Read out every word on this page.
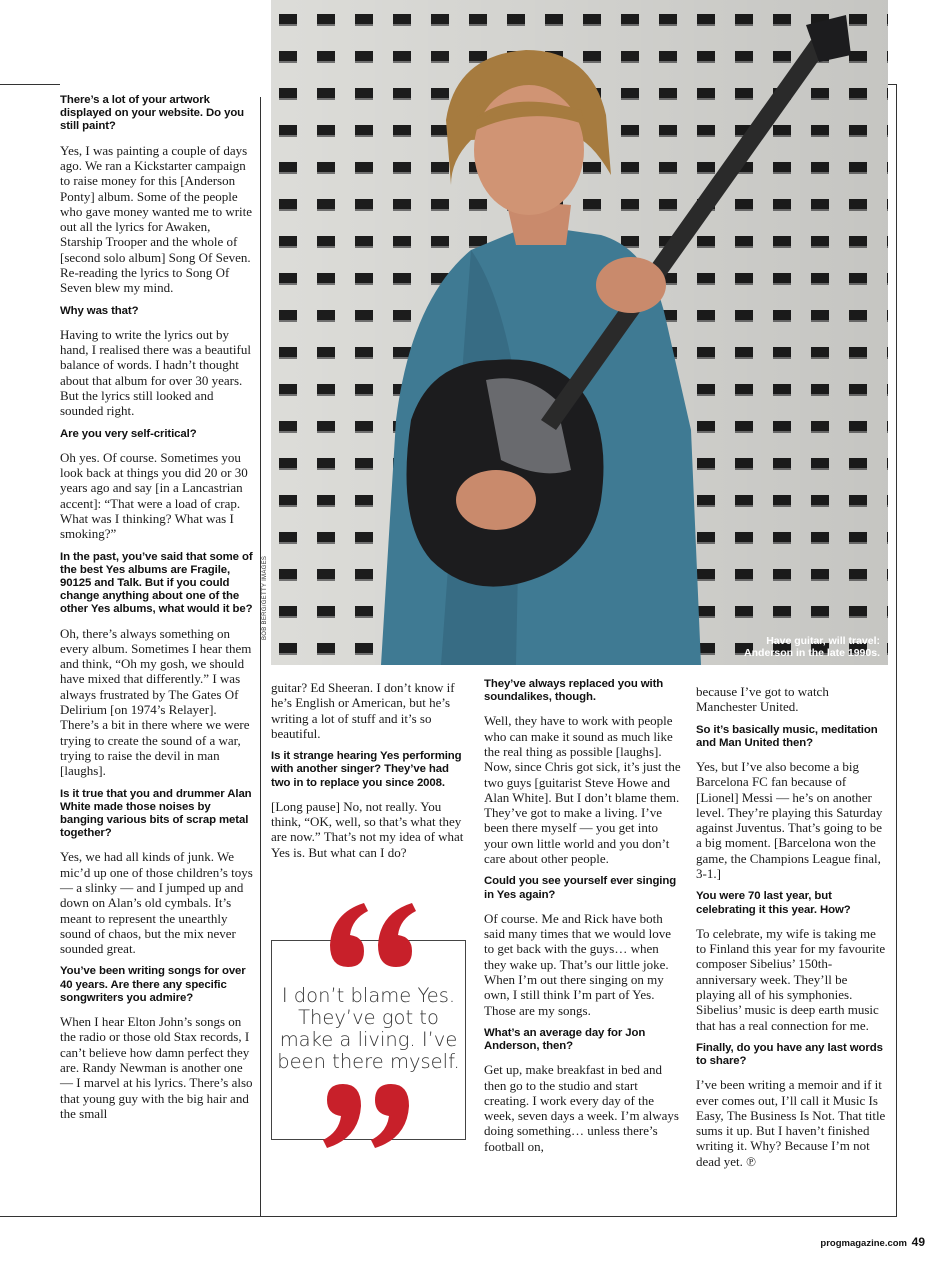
There’s a lot of your artwork displayed on your website. Do you still paint?

Yes, I was painting a couple of days ago. We ran a Kickstarter campaign to raise money for this [Anderson Ponty] album. Some of the people who gave money wanted me to write out all the lyrics for Awaken, Starship Trooper and the whole of [second solo album] Song Of Seven. Re-reading the lyrics to Song Of Seven blew my mind.

Why was that?

Having to write the lyrics out by hand, I realised there was a beautiful balance of words. I hadn’t thought about that album for over 30 years. But the lyrics still looked and sounded right.

Are you very self-critical?

Oh yes. Of course. Sometimes you look back at things you did 20 or 30 years ago and say [in a Lancastrian accent]: “That were a load of crap. What was I thinking? What was I smoking?”

In the past, you’ve said that some of the best Yes albums are Fragile, 90125 and Talk. But if you could change anything about one of the other Yes albums, what would it be?

Oh, there’s always something on every album. Sometimes I hear them and think, “Oh my gosh, we should have mixed that differently.” I was always frustrated by The Gates Of Delirium [on 1974’s Relayer]. There’s a bit in there where we were trying to create the sound of a war, trying to raise the devil in man [laughs].

Is it true that you and drummer Alan White made those noises by banging various bits of scrap metal together?

Yes, we had all kinds of junk. We mic’d up one of those children’s toys — a slinky — and I jumped up and down on Alan’s old cymbals. It’s meant to represent the unearthly sound of chaos, but the mix never sounded great.

You’ve been writing songs for over 40 years. Are there any specific songwriters you admire?

When I hear Elton John’s songs on the radio or those old Stax records, I can’t believe how damn perfect they are. Randy Newman is another one — I marvel at his lyrics. There’s also that young guy with the big hair and the small

Have guitar, will travel:
Anderson in the late 1990s.
BOB BERG/GETTY IMAGES

guitar? Ed Sheeran. I don’t know if he’s English or American, but he’s writing a lot of stuff and it’s so beautiful.

Is it strange hearing Yes performing with another singer? They’ve had two in to replace you since 2008.

[Long pause] No, not really. You think, “OK, well, so that’s what they are now.” That’s not my idea of what Yes is. But what can I do?

I don’t blame Yes. They’ve got to make a living. I’ve been there myself.

They’ve always replaced you with soundalikes, though.

Well, they have to work with people who can make it sound as much like the real thing as possible [laughs]. Now, since Chris got sick, it’s just the two guys [guitarist Steve Howe and Alan White]. But I don’t blame them. They’ve got to make a living. I’ve been there myself — you get into your own little world and you don’t care about other people.

Could you see yourself ever singing in Yes again?

Of course. Me and Rick have both said many times that we would love to get back with the guys… when they wake up. That’s our little joke. When I’m out there singing on my own, I still think I’m part of Yes. Those are my songs.

What’s an average day for Jon Anderson, then?

Get up, make breakfast in bed and then go to the studio and start creating. I work every day of the week, seven days a week. I’m always doing something… unless there’s football on,

because I’ve got to watch Manchester United.

So it’s basically music, meditation and Man United then?

Yes, but I’ve also become a big Barcelona FC fan because of [Lionel] Messi — he’s on another level. They’re playing this Saturday against Juventus. That’s going to be a big moment. [Barcelona won the game, the Champions League final, 3-1.]

You were 70 last year, but celebrating it this year. How?

To celebrate, my wife is taking me to Finland this year for my favourite composer Sibelius’ 150th-anniversary week. They’ll be playing all of his symphonies. Sibelius’ music is deep earth music that has a real connection for me.

Finally, do you have any last words to share?

I’ve been writing a memoir and if it ever comes out, I’ll call it Music Is Easy, The Business Is Not. That title sums it up. But I haven’t finished writing it. Why? Because I’m not dead yet. ℗

progmagazine.com 49
